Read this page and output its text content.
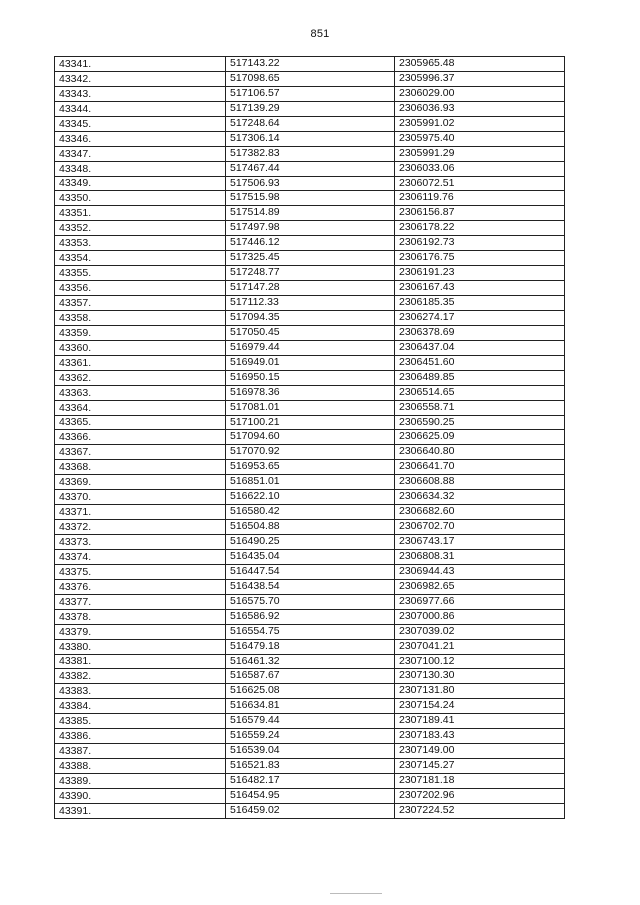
851
43341.	517143.22	2305965.48
43342.	517098.65	2305996.37
43343.	517106.57	2306029.00
43344.	517139.29	2306036.93
43345.	517248.64	2305991.02
43346.	517306.14	2305975.40
43347.	517382.83	2305991.29
43348.	517467.44	2306033.06
43349.	517506.93	2306072.51
43350.	517515.98	2306119.76
43351.	517514.89	2306156.87
43352.	517497.98	2306178.22
43353.	517446.12	2306192.73
43354.	517325.45	2306176.75
43355.	517248.77	2306191.23
43356.	517147.28	2306167.43
43357.	517112.33	2306185.35
43358.	517094.35	2306274.17
43359.	517050.45	2306378.69
43360.	516979.44	2306437.04
43361.	516949.01	2306451.60
43362.	516950.15	2306489.85
43363.	516978.36	2306514.65
43364.	517081.01	2306558.71
43365.	517100.21	2306590.25
43366.	517094.60	2306625.09
43367.	517070.92	2306640.80
43368.	516953.65	2306641.70
43369.	516851.01	2306608.88
43370.	516622.10	2306634.32
43371.	516580.42	2306682.60
43372.	516504.88	2306702.70
43373.	516490.25	2306743.17
43374.	516435.04	2306808.31
43375.	516447.54	2306944.43
43376.	516438.54	2306982.65
43377.	516575.70	2306977.66
43378.	516586.92	2307000.86
43379.	516554.75	2307039.02
43380.	516479.18	2307041.21
43381.	516461.32	2307100.12
43382.	516587.67	2307130.30
43383.	516625.08	2307131.80
43384.	516634.81	2307154.24
43385.	516579.44	2307189.41
43386.	516559.24	2307183.43
43387.	516539.04	2307149.00
43388.	516521.83	2307145.27
43389.	516482.17	2307181.18
43390.	516454.95	2307202.96
43391.	516459.02	2307224.52
